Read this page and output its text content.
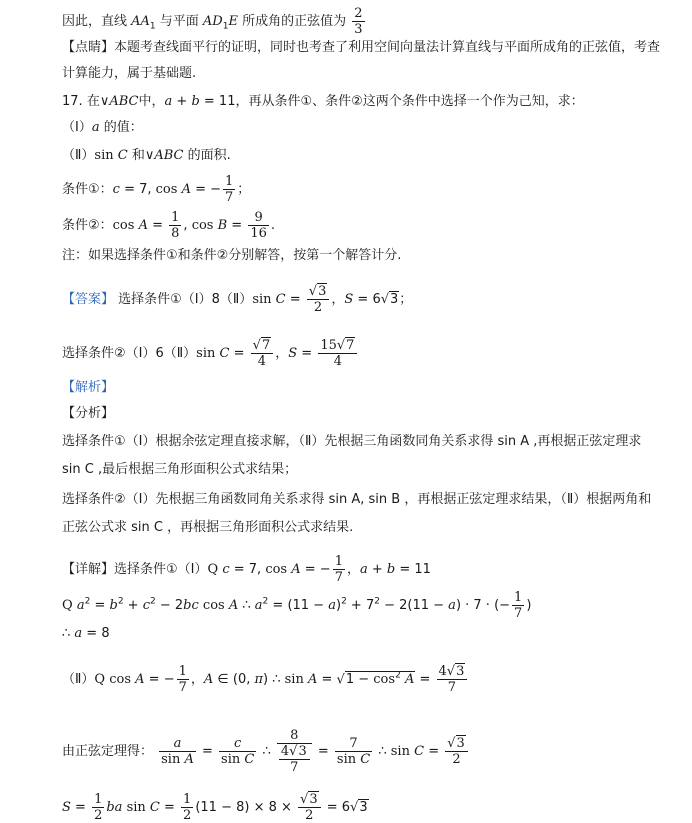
因此，直线 $AA_1$ 与平面 $AD_1E$ 所成角的正弦值为 $\frac{2}{3}$
【点睛】本题考查线面平行的证明，同时也考查了利用空间向量法计算直线与平面所成角的正弦值，考查
计算能力，属于基础题.
17. 在∨ABC中，a + b = 11，再从条件①、条件②这两个条件中选择一个作为己知，求：
（Ⅰ）a 的值：
（Ⅱ）sin C 和∨ABC 的面积.
条件①：c = 7, cos A = − $\frac{1}{7}$ ；
条件②：$\cos A = \frac{1}{8}$ , $\cos B = \frac{9}{16}$ .
注：如果选择条件①和条件②分别解答，按第一个解答计分.
【答案】 选择条件①（Ⅰ）8（Ⅱ）sin $C = \frac{√3}{2}$ ，S = 6√3；
选择条件②（Ⅰ）6（Ⅱ）sin $C = \frac{√7}{4}$ ，$S = \frac{15√7}{4}$
【解析】
【分析】
选择条件①（Ⅰ）根据余弦定理直接求解，（Ⅱ）先根据三角函数同角关系求得 sin A ,再根据正弦定理求
sin C ,最后根据三角形面积公式求结果；
选择条件②（Ⅰ）先根据三角函数同角关系求得 sin A, sin B ，再根据正弦定理求结果，（Ⅱ）根据两角和
正弦公式求 sin C ，再根据三角形面积公式求结果.
【详解】选择条件①（Ⅰ）Q c = 7, cos A = − $\frac{1}{7}$ ，a + b = 11
Q $a^2 = b^2 + c^2 - 2bc$ cos A ∴ $a^2 = (11 - a)^2 + 7^2 - 2(11 - a) \cdot 7$ · (− $\frac{1}{7}$ )
∴ a = 8
（Ⅱ）Q cos A = − $\frac{1}{7}$ ，A ∈ (0, π) ∴ $\sin A = √1 - \cos^2 A = \frac{4√3}{7}$
由正弦定理得： $\frac{a}{\text{sin A}} = \frac{c}{\text{sin C}}$ ∴ $\frac{8}{\frac{4√3}{7}} = \frac{7}{\text{sin C}}$ ∴ $\sin C = \frac{√3}{2}$
$S = \frac{1}{2}$ ba $\sin C = \frac{1}{2} (11 - 8) \times 8 \times \frac{√3}{2} = 6√3$
